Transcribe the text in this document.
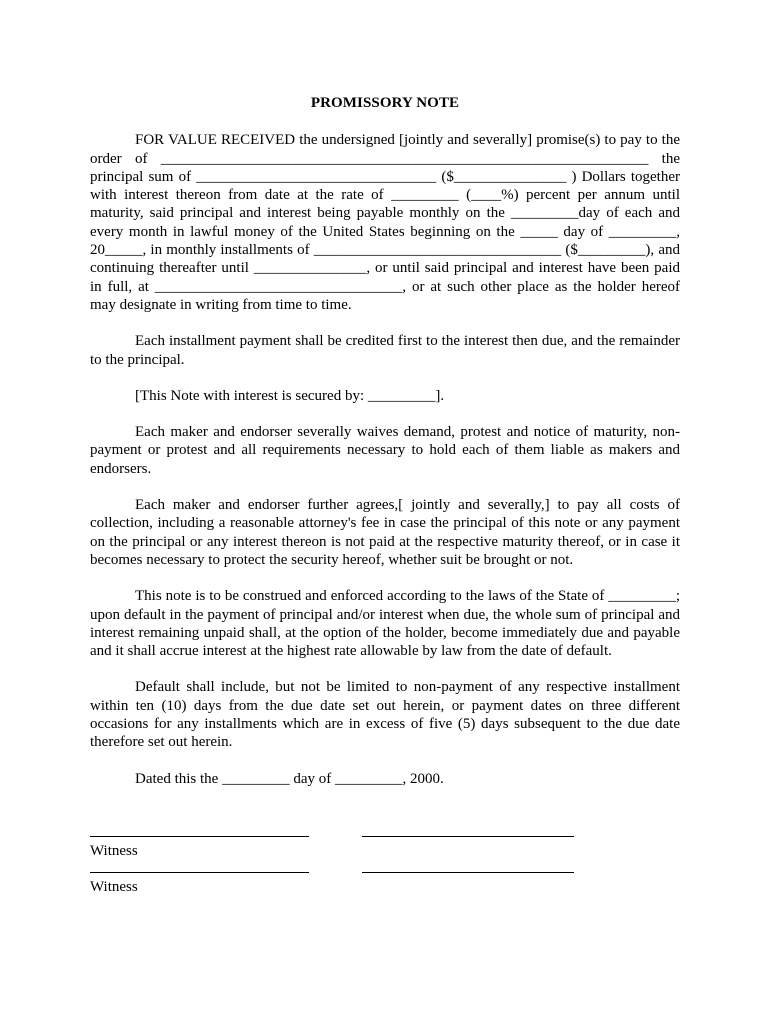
PROMISSORY NOTE

FOR VALUE RECEIVED the undersigned [jointly and severally] promise(s) to pay to the order of _________________________________________________________________ the principal sum of ________________________________ ($_______________ ) Dollars together with interest thereon from date at the rate of _________ (____%) percent per annum until maturity, said principal and interest being payable monthly on the _________day of each and every month in lawful money of the United States beginning on the _____ day of _________, 20_____, in monthly installments of _________________________________ ($_________), and continuing thereafter until _______________, or until said principal and interest have been paid in full, at _________________________________, or at such other place as the holder hereof may designate in writing from time to time.

Each installment payment shall be credited first to the interest then due, and the remainder to the principal.

[This Note with interest is secured by: _________].

Each maker and endorser severally waives demand, protest and notice of maturity, non-payment or protest and all requirements necessary to hold each of them liable as makers and endorsers.

Each maker and endorser further agrees,[ jointly and severally,] to pay all costs of collection, including a reasonable attorney's fee in case the principal of this note or any payment on the principal or any interest thereon is not paid at the respective maturity thereof, or in case it becomes necessary to protect the security hereof, whether suit be brought or not.

This note is to be construed and enforced according to the laws of the State of _________; upon default in the payment of principal and/or interest when due, the whole sum of principal and interest remaining unpaid shall, at the option of the holder, become immediately due and payable and it shall accrue interest at the highest rate allowable by law from the date of default.

Default shall include, but not be limited to non-payment of any respective installment within ten (10) days from the due date set out herein, or payment dates on three different occasions for any installments which are in excess of five (5) days subsequent to the due date therefore set out herein.

Dated this the _________ day of _________, 2000.

Witness
Witness
